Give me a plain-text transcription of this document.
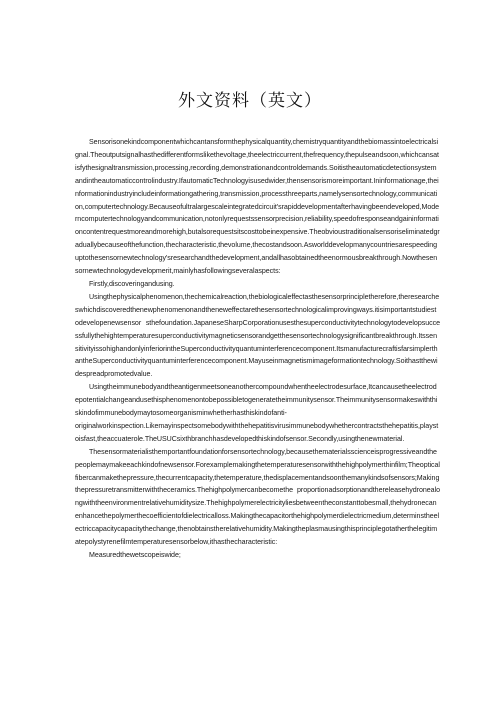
外文资料（英文）

Sensorisonekindcomponentwhichcantansformthephysicalquantity,chemistryquantityandthebiomassintoelectricalsignal.Theoutputsignalhasthedifferentformslikethevoltage,theelectriccurrent,thefrequency,thepulseandsoon,whichcansatisfythesignaltransmission,processing,recording,demonstrationandcontroldemands.Soitistheautomaticdetectionsystemandintheautomaticcontrolindustry.IfautomaticTechnologyisusedwider,thensensorismoreimportant.Ininformationage,theinformationindustryincludeinformationgathering,transmission,processthreeparts,namelysensortechnology,communication,computertechnology.Becauseofultralargescaleintegratedcircuit'srapiddevelopmentafterhavingbeendeveloped,Moderncomputertechnologyandcommunication,notonlyrequestssensorprecision,reliability,speedofresponseandgaininformationcontentrequestmoreandmorehigh,butalsorequestsitscosttobeinexpensive.Theobvioustraditionalsensoriseliminatedgraduallybecauseofthefunction,thecharacteristic,thevolume,thecostandsoon.Asworlddevelopmanycountriesarespeedinguptothesensornewtechnology'sresearchandthedevelopment,andallhasobtainedtheenormousbreakthrough.Nowthesensornewtechnologydevelopmerit,mainlyhasfollowingseveralaspects:

Firstly,discoveringandusing.

Usingthephysicalphenomenon,thechemicalreaction,thebiologicaleffectasthesensorprincipletherefore,theresearcheswhichdiscoveredthenewphenomenonandtheneweffectarethesensortechnologicalimprovingways.itisimportantstudiestodevelopenewsensor sthefoundation.JapaneseSharpCorporationusesthesuperconductivitytechnologytodevelopsuccessfullythehightemperaturesuperconductivitymagneticsensorandgetthesensortechnologysignificantbreakthrough.ItssensitivityissohighandonlyinferiorintheSuperconductivityquantuminterferencecomponent.ItsmanufacturecraftisfarsimplerthantheSuperconductivityquantuminterferencecomponent.Mayuseinmagnetismimageformationtechnology.Soithastthewidespreadpromotedvalue.

Usingtheimmunebodyandtheantigenmeetsoneanothercompoundwhentheelectrodesurface,Itcancausetheelectrodepotentialchangeandusethisphenomenontobepossibletogeneratetheimmunitysensor.Theimmunitysensormakeswiththiskindofimmunebodymaytosomeorganisminwhetherhasthiskindofanti-

originalworkinspection.Likemayinspectsomebodywiththehepatitisvirusimmunebodywhethercontractsthehepatitis,playstoisfast,theaccuaterole.TheUSUCsixthbranchhasdevelopedthiskindofsensor.Secondly,usingthenewmaterial.

Thesensormaterialisthemportantfoundationforsensortechnology,becausethematerialsscienceisprogressiveandthepeoplemaymakeeachkindofnewsensor.Forexamplemakingthetemperaturesensorwiththehighpolymerthinfilm;Theopticalfibercanmakethepressure,thecurrentcapacity,thetemperature,thedisplacementandsoonthemanykindsofsensors;Makingthepressuretransmitterwiththeceramics.Thehighpolymercanbecomethe proportionadsorptionandthereleasehydronealongwiththeenvironmentrelativehumiditysize.Thehighpolymerelectricityliesbetweentheconstanttobesmall,thehydronecanenhancethepolymerthecoefficientofdielectricalloss.Makingthecapacitorthehighpolymerdielectricmedium,determinstheelectriccapacitycapacitythechange,thenobtainstherelativehumidity.Makingtheplasmausingthisprinciplegotatherthelegitimatepolystyrenefilmtemperaturesensorbelow,ithasthecharacteristic:

Measuredthewetscopeiswide;
